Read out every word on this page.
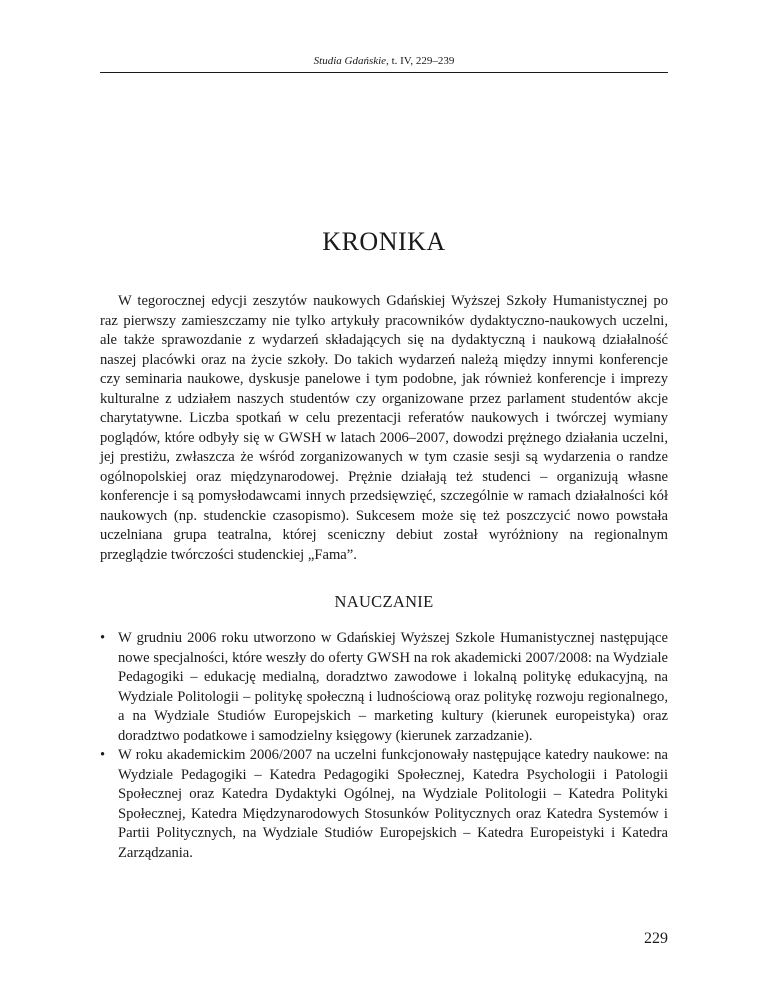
Studia Gdańskie, t. IV, 229–239
KRONIKA

W tegorocznej edycji zeszytów naukowych Gdańskiej Wyższej Szkoły Humanistycznej po raz pierwszy zamieszczamy nie tylko artykuły pracowników dydaktyczno-naukowych uczelni, ale także sprawozdanie z wydarzeń składających się na dydaktyczną i naukową działalność naszej placówki oraz na życie szkoły. Do takich wydarzeń należą między innymi konferencje czy seminaria naukowe, dyskusje panelowe i tym podobne, jak również konferencje i imprezy kulturalne z udziałem naszych studentów czy organizowane przez parlament studentów akcje charytatywne. Liczba spotkań w celu prezentacji referatów naukowych i twórczej wymiany poglądów, które odbyły się w GWSH w latach 2006–2007, dowodzi prężnego działania uczelni, jej prestiżu, zwłaszcza że wśród zorganizowanych w tym czasie sesji są wydarzenia o randze ogólnopolskiej oraz międzynarodowej. Prężnie działają też studenci – organizują własne konferencje i są pomysłodawcami innych przedsięwzięć, szczególnie w ramach działalności kół naukowych (np. studenckie czasopismo). Sukcesem może się też poszczycić nowo powstała uczelniana grupa teatralna, której sceniczny debiut został wyróżniony na regionalnym przeglądzie twórczości studenckiej „Fama”.

NAUCZANIE
• W grudniu 2006 roku utworzono w Gdańskiej Wyższej Szkole Humanistycznej następujące nowe specjalności, które weszły do oferty GWSH na rok akademicki 2007/2008: na Wydziale Pedagogiki – edukację medialną, doradztwo zawodowe i lokalną politykę edukacyjną, na Wydziale Politologii – politykę społeczną i ludnościową oraz politykę rozwoju regionalnego, a na Wydziale Studiów Europejskich – marketing kultury (kierunek europeistyka) oraz doradztwo podatkowe i samodzielny księgowy (kierunek zarzadzanie).
• W roku akademickim 2006/2007 na uczelni funkcjonowały następujące katedry naukowe: na Wydziale Pedagogiki – Katedra Pedagogiki Społecznej, Katedra Psychologii i Patologii Społecznej oraz Katedra Dydaktyki Ogólnej, na Wydziale Politologii – Katedra Polityki Społecznej, Katedra Międzynarodowych Stosunków Politycznych oraz Katedra Systemów i Partii Politycznych, na Wydziale Studiów Europejskich – Katedra Europeistyki i Katedra Zarządzania.
229
